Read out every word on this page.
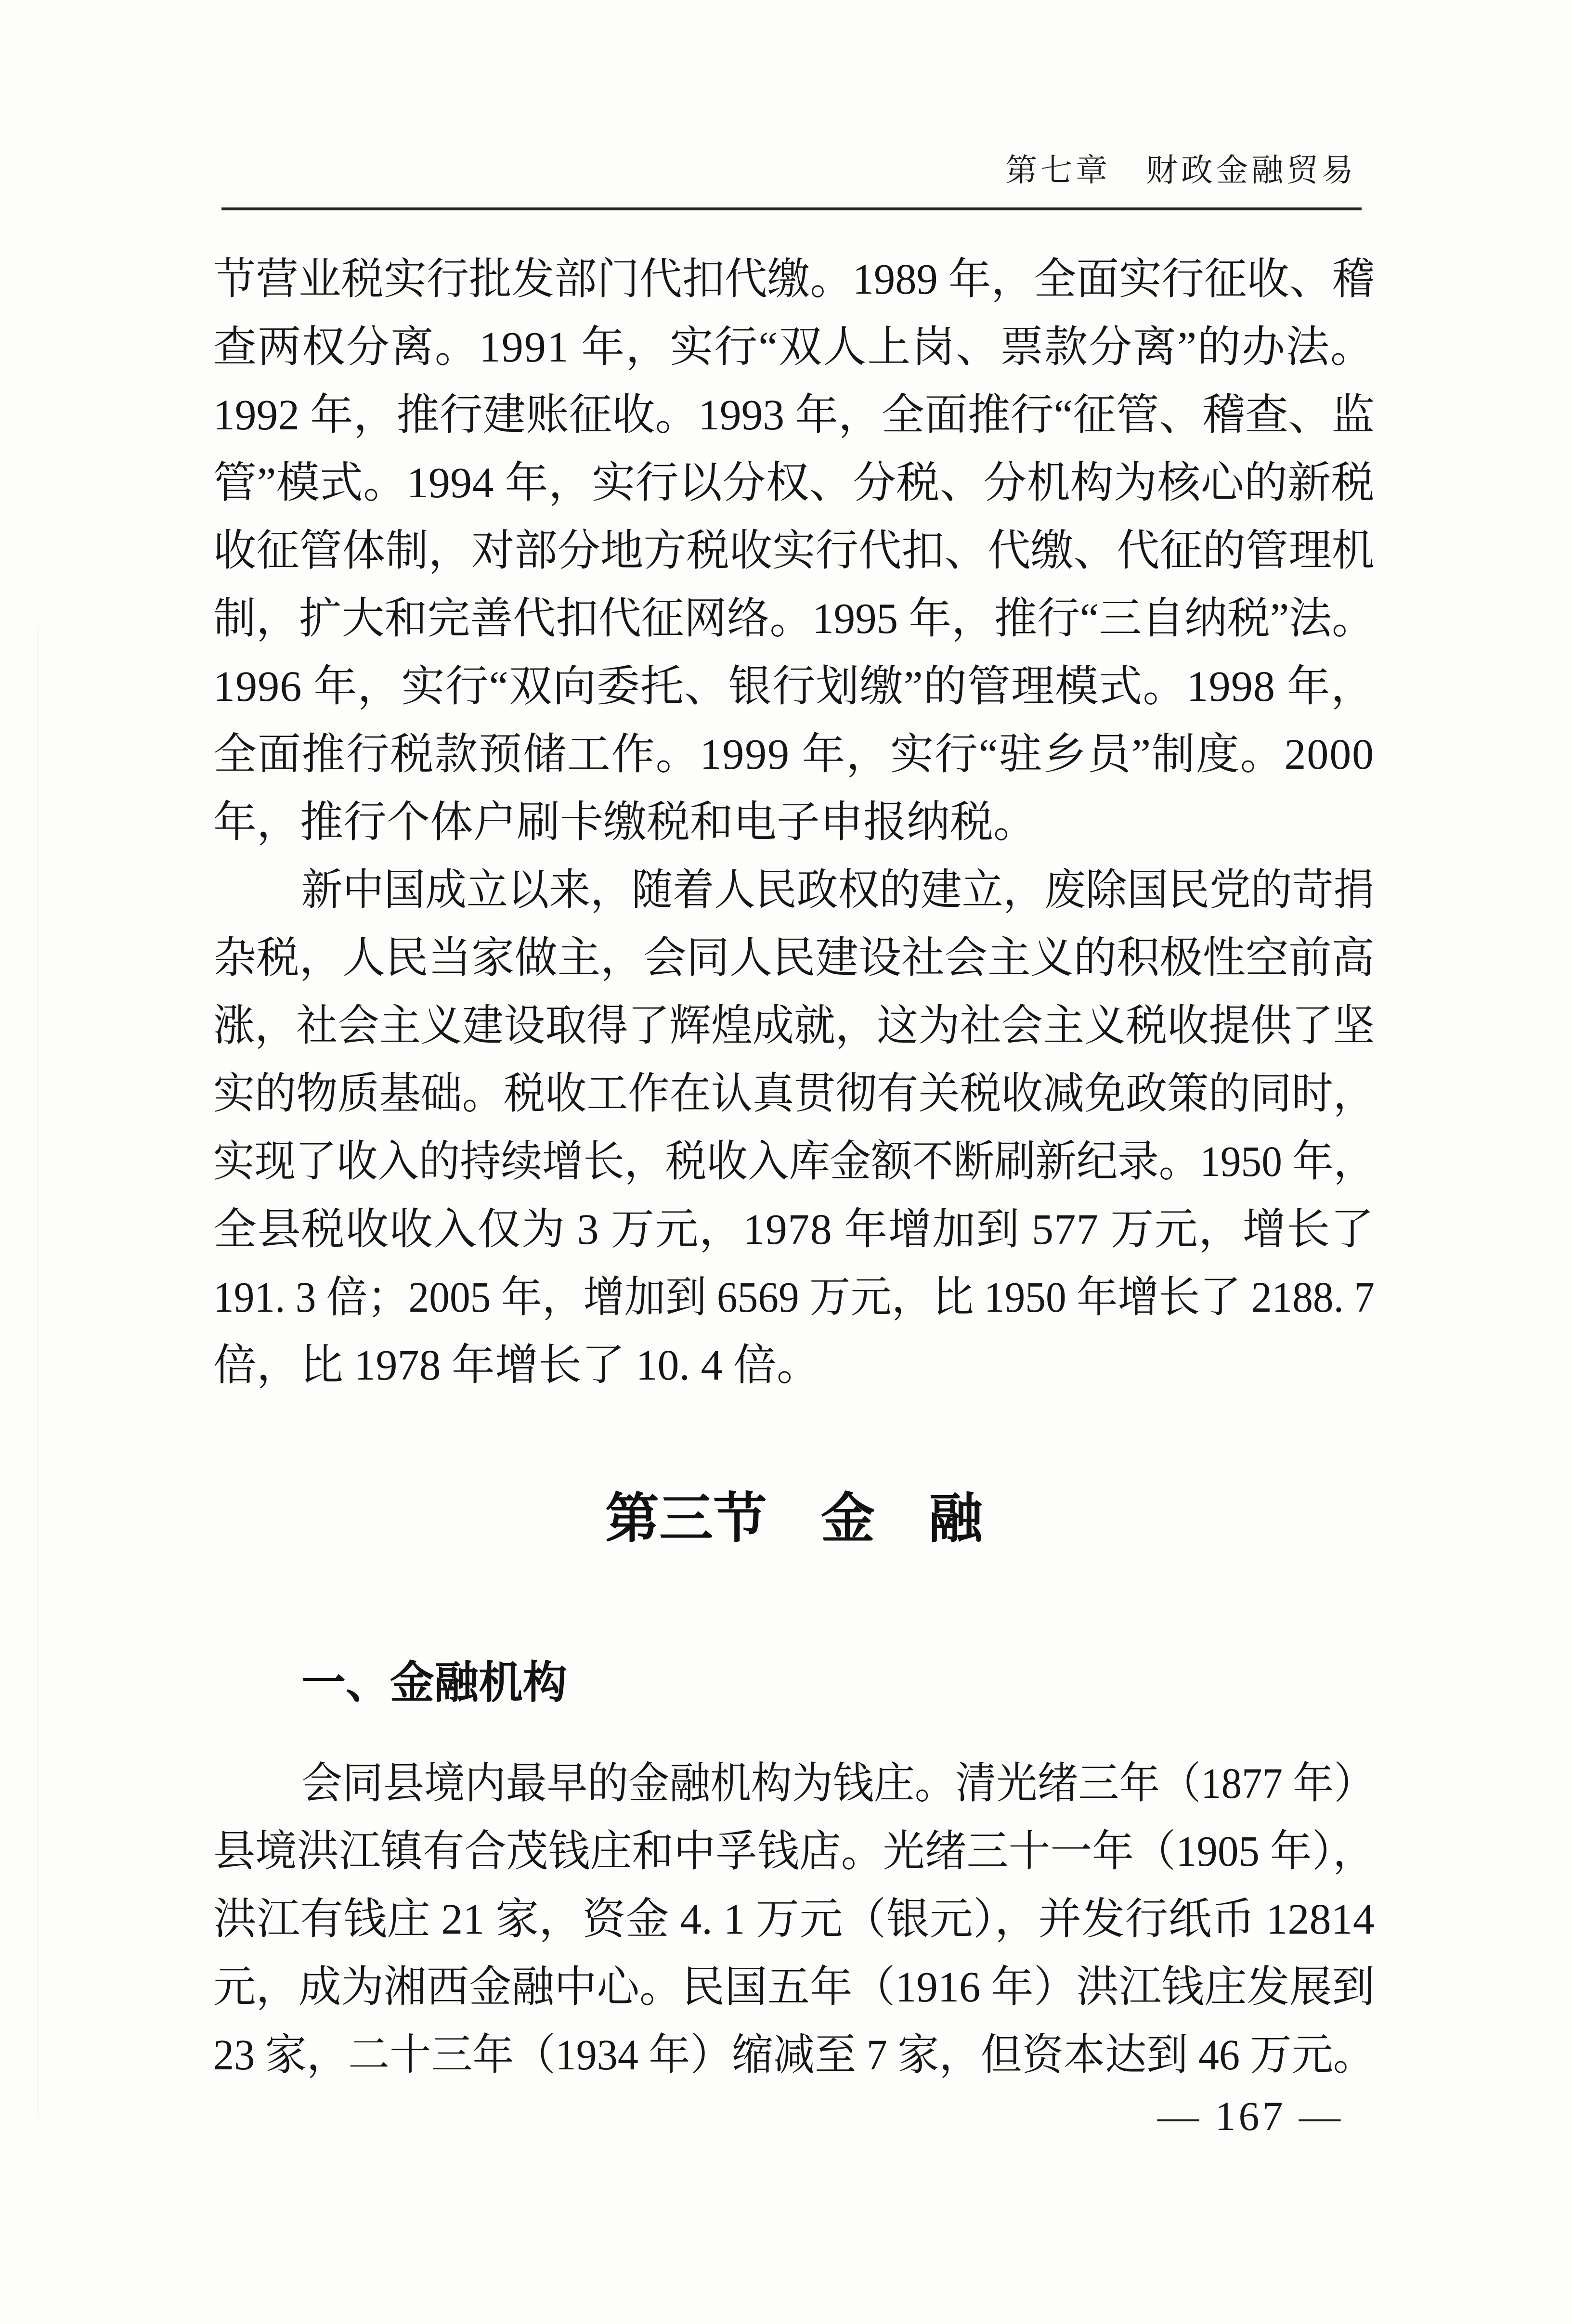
第七章　财政金融贸易
节营业税实行批发部门代扣代缴。1989 年，全面实行征收、稽
查两权分离。1991 年，实行“双人上岗、票款分离”的办法。
1992 年，推行建账征收。1993 年，全面推行“征管、稽查、监
管”模式。1994 年，实行以分权、分税、分机构为核心的新税
收征管体制，对部分地方税收实行代扣、代缴、代征的管理机
制，扩大和完善代扣代征网络。1995 年，推行“三自纳税”法。
1996 年，实行“双向委托、银行划缴”的管理模式。1998 年，
全面推行税款预储工作。1999 年，实行“驻乡员”制度。2000
年，推行个体户刷卡缴税和电子申报纳税。
新中国成立以来，随着人民政权的建立，废除国民党的苛捐
杂税，人民当家做主，会同人民建设社会主义的积极性空前高
涨，社会主义建设取得了辉煌成就，这为社会主义税收提供了坚
实的物质基础。税收工作在认真贯彻有关税收减免政策的同时，
实现了收入的持续增长，税收入库金额不断刷新纪录。1950 年，
全县税收收入仅为 3 万元，1978 年增加到 577 万元，增长了
191. 3 倍；2005 年，增加到 6569 万元，比 1950 年增长了 2188. 7
倍，比 1978 年增长了 10. 4 倍。
第三节　金　融
一、金融机构
会同县境内最早的金融机构为钱庄。清光绪三年（1877 年）
县境洪江镇有合茂钱庄和中孚钱店。光绪三十一年（1905 年），
洪江有钱庄 21 家，资金 4. 1 万元（银元），并发行纸币 12814
元，成为湘西金融中心。民国五年（1916 年）洪江钱庄发展到
23 家，二十三年（1934 年）缩减至 7 家，但资本达到 46 万元。
— 167 —
